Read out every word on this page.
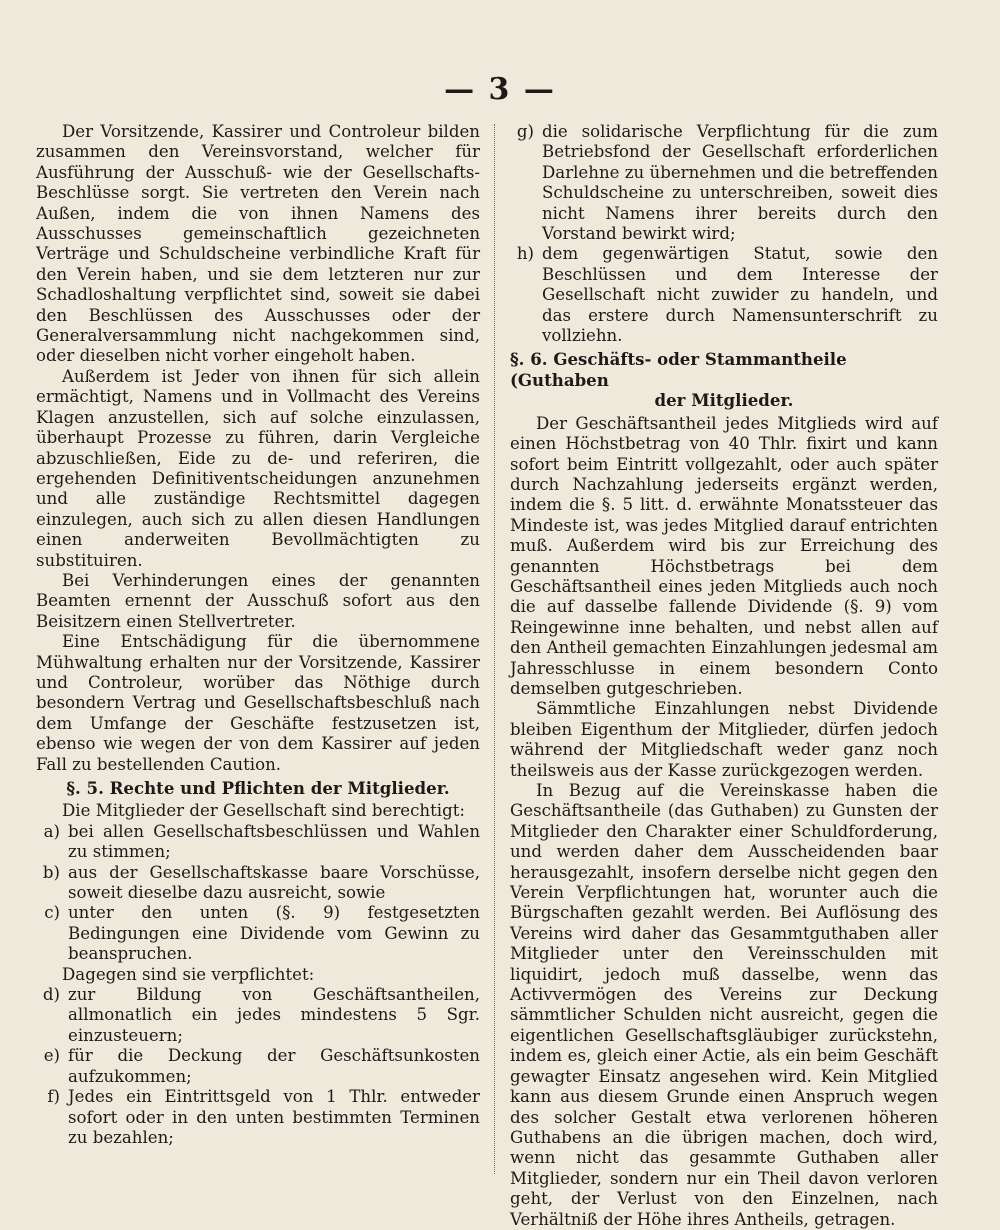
— 3 —

Der Vorsitzende, Kassirer und Controleur bilden zusammen den Vereinsvorstand, welcher für Ausführung der Ausschuß- wie der Gesellschafts-Beschlüsse sorgt. Sie vertreten den Verein nach Außen, indem die von ihnen Namens des Ausschusses gemeinschaftlich gezeichneten Verträge und Schuldscheine verbindliche Kraft für den Verein haben, und sie dem letzteren nur zur Schadloshaltung verpflichtet sind, soweit sie dabei den Beschlüssen des Ausschusses oder der Generalversammlung nicht nachgekommen sind, oder dieselben nicht vorher eingeholt haben.

Außerdem ist Jeder von ihnen für sich allein ermächtigt, Namens und in Vollmacht des Vereins Klagen anzustellen, sich auf solche einzulassen, überhaupt Prozesse zu führen, darin Vergleiche abzuschließen, Eide zu de- und referiren, die ergehenden Definitiventscheidungen anzunehmen und alle zuständige Rechtsmittel dagegen einzulegen, auch sich zu allen diesen Handlungen einen anderweiten Bevollmächtigten zu substituiren.

Bei Verhinderungen eines der genannten Beamten ernennt der Ausschuß sofort aus den Beisitzern einen Stellvertreter.

Eine Entschädigung für die übernommene Mühwaltung erhalten nur der Vorsitzende, Kassirer und Controleur, worüber das Nöthige durch besondern Vertrag und Gesellschaftsbeschluß nach dem Umfange der Geschäfte festzusetzen ist, ebenso wie wegen der von dem Kassirer auf jeden Fall zu bestellenden Caution.

§. 5. Rechte und Pflichten der Mitglieder.

Die Mitglieder der Gesellschaft sind berechtigt:

a) bei allen Gesellschaftsbeschlüssen und Wahlen zu stimmen;
b) aus der Gesellschaftskasse baare Vorschüsse, soweit dieselbe dazu ausreicht, sowie
c) unter den unten (§. 9) festgesetzten Bedingungen eine Dividende vom Gewinn zu beanspruchen.

Dagegen sind sie verpflichtet:

d) zur Bildung von Geschäftsantheilen, allmonatlich ein jedes mindestens 5 Sgr. einzusteuern;
e) für die Deckung der Geschäftsunkosten aufzukommen;
f) Jedes ein Eintrittsgeld von 1 Thlr. entweder sofort oder in den unten bestimmten Terminen zu bezahlen;
g) die solidarische Verpflichtung für die zum Betriebsfond der Gesellschaft erforderlichen Darlehne zu übernehmen und die betreffenden Schuldscheine zu unterschreiben, soweit dies nicht Namens ihrer bereits durch den Vorstand bewirkt wird;
h) dem gegenwärtigen Statut, sowie den Beschlüssen und dem Interesse der Gesellschaft nicht zuwider zu handeln, und das erstere durch Namensunterschrift zu vollziehn.

§. 6. Geschäfts- oder Stammantheile (Guthaben

der Mitglieder.

Der Geschäftsantheil jedes Mitglieds wird auf einen Höchstbetrag von 40 Thlr. fixirt und kann sofort beim Eintritt vollgezahlt, oder auch später durch Nachzahlung jederseits ergänzt werden, indem die §. 5 litt. d. erwähnte Monatssteuer das Mindeste ist, was jedes Mitglied darauf entrichten muß. Außerdem wird bis zur Erreichung des genannten Höchstbetrags bei dem Geschäftsantheil eines jeden Mitglieds auch noch die auf dasselbe fallende Dividende (§. 9) vom Reingewinne inne behalten, und nebst allen auf den Antheil gemachten Einzahlungen jedesmal am Jahresschlusse in einem besondern Conto demselben gutgeschrieben.

Sämmtliche Einzahlungen nebst Dividende bleiben Eigenthum der Mitglieder, dürfen jedoch während der Mitgliedschaft weder ganz noch theilsweis aus der Kasse zurückgezogen werden.

In Bezug auf die Vereinskasse haben die Geschäftsantheile (das Guthaben) zu Gunsten der Mitglieder den Charakter einer Schuldforderung, und werden daher dem Ausscheidenden baar herausgezahlt, insofern derselbe nicht gegen den Verein Verpflichtungen hat, worunter auch die Bürgschaften gezahlt werden. Bei Auflösung des Vereins wird daher das Gesammtguthaben aller Mitglieder unter den Vereinsschulden mit liquidirt, jedoch muß dasselbe, wenn das Activvermögen des Vereins zur Deckung sämmtlicher Schulden nicht ausreicht, gegen die eigentlichen Gesellschaftsgläubiger zurückstehn, indem es, gleich einer Actie, als ein beim Geschäft gewagter Einsatz angesehen wird. Kein Mitglied kann aus diesem Grunde einen Anspruch wegen des solcher Gestalt etwa verlorenen höheren Guthabens an die übrigen machen, doch wird, wenn nicht das gesammte Guthaben aller Mitglieder, sondern nur ein Theil davon verloren geht, der Verlust von den Einzelnen, nach Verhältniß der Höhe ihres Antheils, getragen.
